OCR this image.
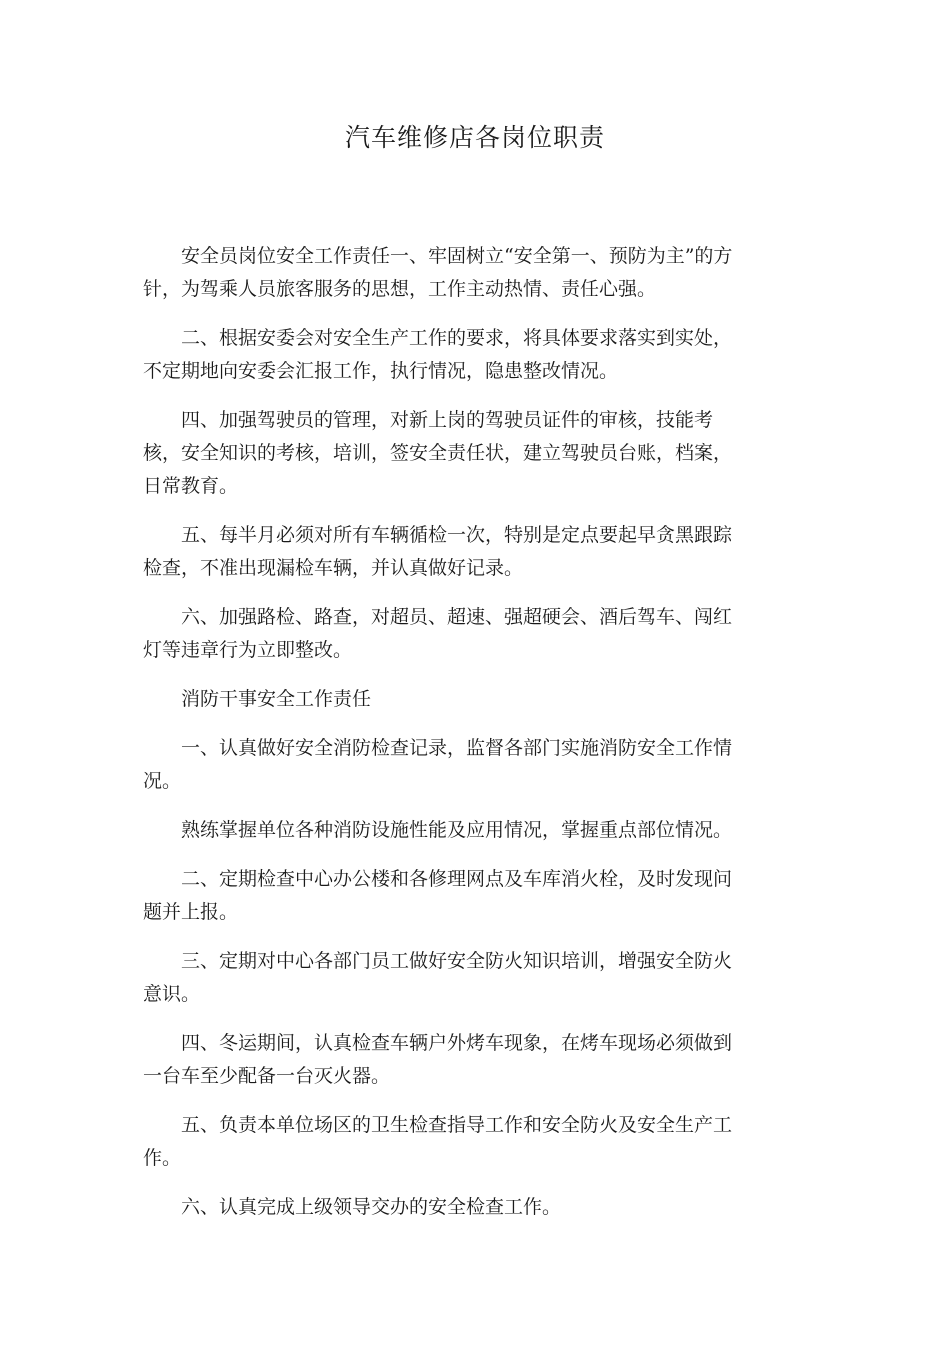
汽车维修店各岗位职责

安全员岗位安全工作责任一、牢固树立“安全第一、预防为主”的方针，为驾乘人员旅客服务的思想，工作主动热情、责任心强。

二、根据安委会对安全生产工作的要求，将具体要求落实到实处，不定期地向安委会汇报工作，执行情况，隐患整改情况。

四、加强驾驶员的管理，对新上岗的驾驶员证件的审核，技能考核，安全知识的考核，培训，签安全责任状，建立驾驶员台账，档案，日常教育。

五、每半月必须对所有车辆循检一次，特别是定点要起早贪黑跟踪检查，不准出现漏检车辆，并认真做好记录。

六、加强路检、路查，对超员、超速、强超硬会、酒后驾车、闯红灯等违章行为立即整改。

消防干事安全工作责任

一、认真做好安全消防检查记录，监督各部门实施消防安全工作情况。

熟练掌握单位各种消防设施性能及应用情况，掌握重点部位情况。

二、定期检查中心办公楼和各修理网点及车库消火栓，及时发现问题并上报。

三、定期对中心各部门员工做好安全防火知识培训，增强安全防火意识。

四、冬运期间，认真检查车辆户外烤车现象，在烤车现场必须做到一台车至少配备一台灭火器。

五、负责本单位场区的卫生检查指导工作和安全防火及安全生产工作。

六、认真完成上级领导交办的安全检查工作。
